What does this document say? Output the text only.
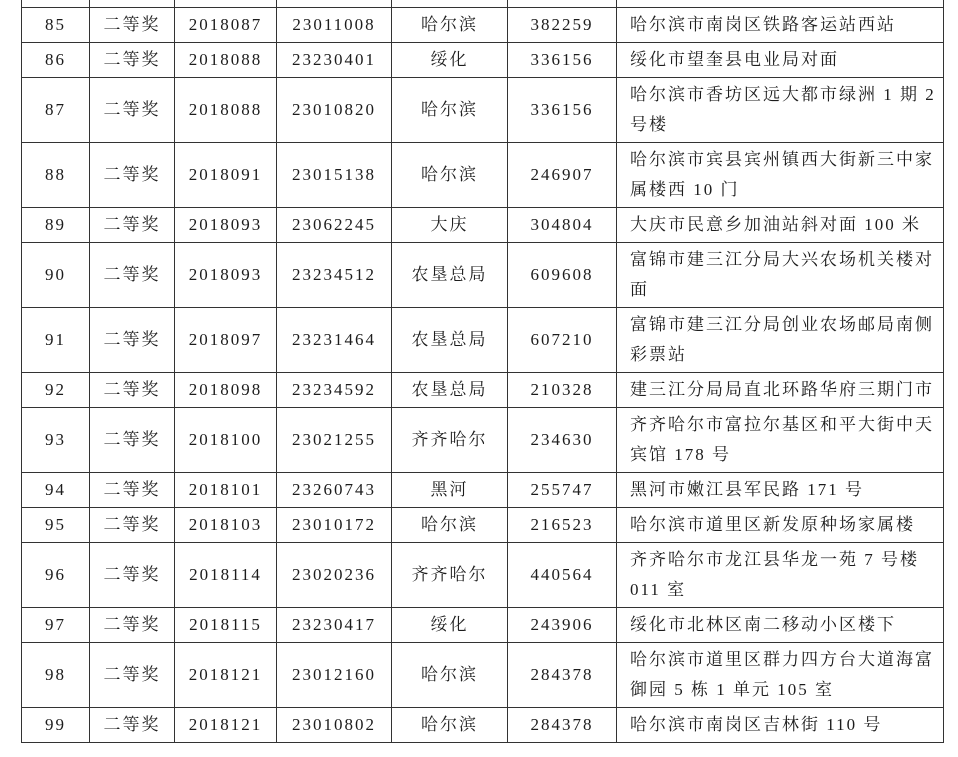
85	二等奖	2018087	23011008	哈尔滨	382259	哈尔滨市南岗区铁路客运站西站
86	二等奖	2018088	23230401	绥化	336156	绥化市望奎县电业局对面
87	二等奖	2018088	23010820	哈尔滨	336156	哈尔滨市香坊区远大都市绿洲 1 期 2 号楼
88	二等奖	2018091	23015138	哈尔滨	246907	哈尔滨市宾县宾州镇西大街新三中家属楼西 10 门
89	二等奖	2018093	23062245	大庆	304804	大庆市民意乡加油站斜对面 100 米
90	二等奖	2018093	23234512	农垦总局	609608	富锦市建三江分局大兴农场机关楼对面
91	二等奖	2018097	23231464	农垦总局	607210	富锦市建三江分局创业农场邮局南侧彩票站
92	二等奖	2018098	23234592	农垦总局	210328	建三江分局局直北环路华府三期门市
93	二等奖	2018100	23021255	齐齐哈尔	234630	齐齐哈尔市富拉尔基区和平大街中天宾馆 178 号
94	二等奖	2018101	23260743	黑河	255747	黑河市嫩江县军民路 171 号
95	二等奖	2018103	23010172	哈尔滨	216523	哈尔滨市道里区新发原种场家属楼
96	二等奖	2018114	23020236	齐齐哈尔	440564	齐齐哈尔市龙江县华龙一苑 7 号楼 011 室
97	二等奖	2018115	23230417	绥化	243906	绥化市北林区南二移动小区楼下
98	二等奖	2018121	23012160	哈尔滨	284378	哈尔滨市道里区群力四方台大道海富御园 5 栋 1 单元 105 室
99	二等奖	2018121	23010802	哈尔滨	284378	哈尔滨市南岗区吉林街 110 号
